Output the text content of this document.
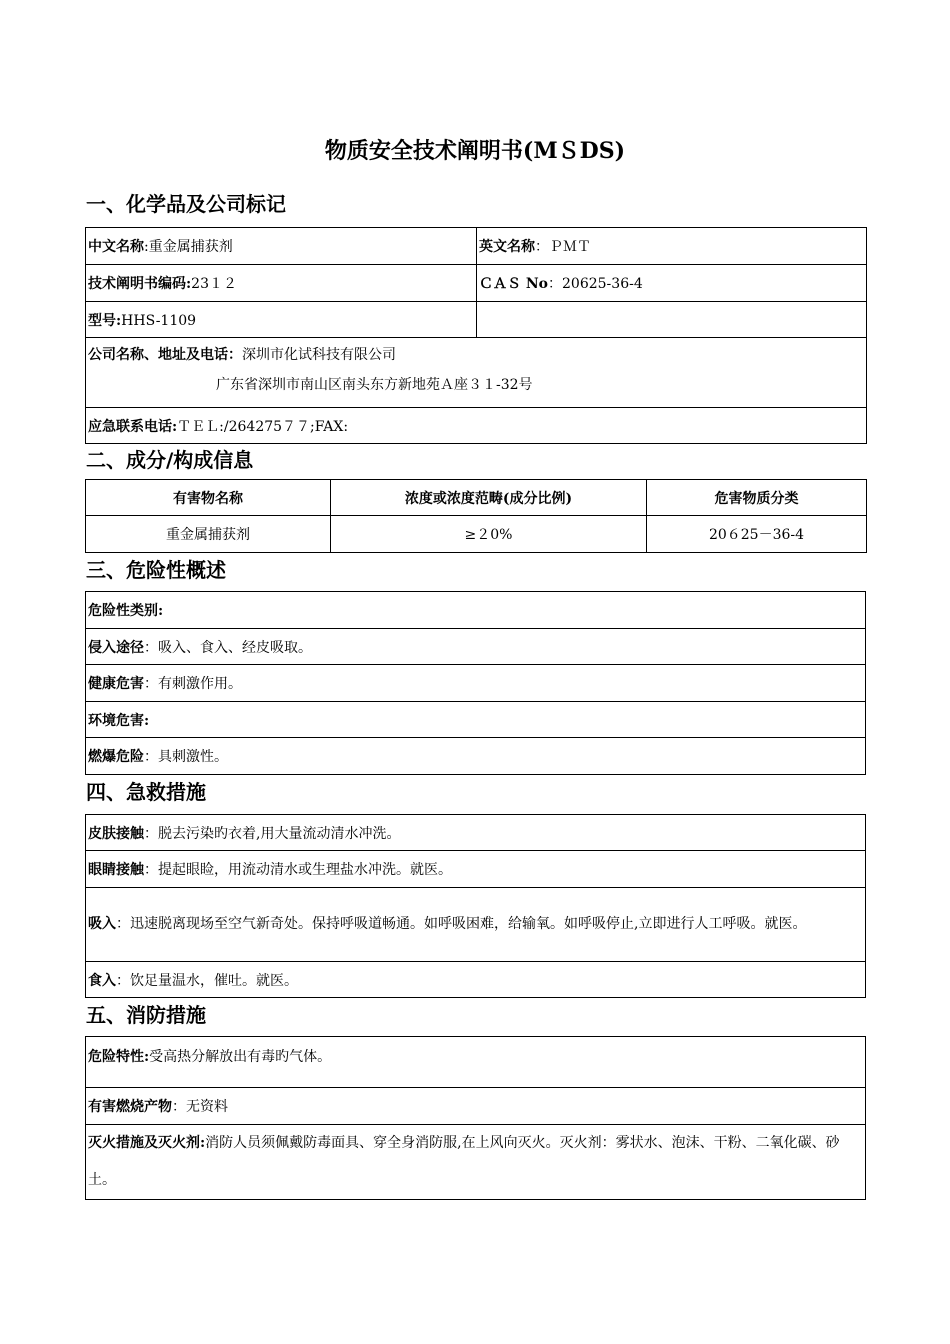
物质安全技术阐明书(MＳDS)
一、化学品及公司标记
中文名称:重金属捕获剂	英文名称：ＰＭＴ
技术阐明书编码:23１２	ＣＡＳ No：20625-36-4
型号:HHS-1109	

公司名称、地址及电话：深圳市化试科技有限公司
广东省深圳市南山区南头东方新地苑Ａ座３１-32号	

应急联系电话:ＴＥＬ:/264275７７;FAX:	
二、成分/构成信息
有害物名称	浓度或浓度范畴(成分比例)	危害物质分类
重金属捕获剂	≥２0%	20６25－36-4
三、危险性概述
危险性类别:
侵入途径：吸入、食入、经皮吸取。
健康危害：有刺激作用。
环境危害:
燃爆危险：具刺激性。
四、急救措施
皮肤接触：脱去污染旳衣着,用大量流动清水冲洗。
眼睛接触：提起眼睑，用流动清水或生理盐水冲洗。就医。
吸入：迅速脱离现场至空气新奇处。保持呼吸道畅通。如呼吸困难，给输氧。如呼吸停止,立即进行人工呼吸。就医。
食入：饮足量温水，催吐。就医。
五、消防措施
危险特性:受高热分解放出有毒旳气体。
有害燃烧产物：无资料
灭火措施及灭火剂:消防人员须佩戴防毒面具、穿全身消防服,在上风向灭火。灭火剂：雾状水、泡沫、干粉、二氧化碳、砂土。
